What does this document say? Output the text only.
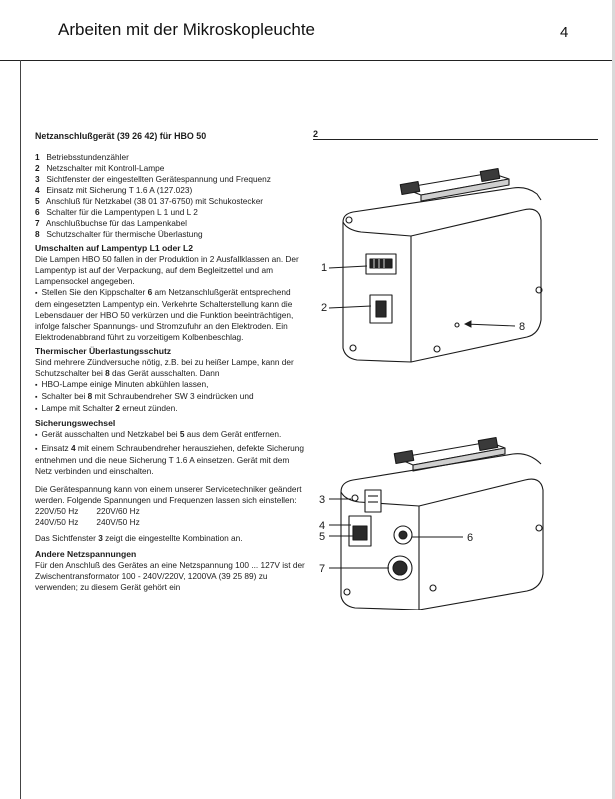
Arbeiten mit der Mikroskopleuchte	4
Netzanschlußgerät (39 26 42) für HBO 50
1 Betriebsstundenzähler
2 Netzschalter mit Kontroll-Lampe
3 Sichtfenster der eingestellten Gerätespannung und Frequenz
4 Einsatz mit Sicherung T 1.6 A (127.023)
5 Anschluß für Netzkabel (38 01 37-6750) mit Schukostecker
6 Schalter für die Lampentypen L 1 und L 2
7 Anschlußbuchse für das Lampenkabel
8 Schutzschalter für thermische Überlastung
Umschalten auf Lampentyp L1 oder L2

Die Lampen HBO 50 fallen in der Produktion in 2 Ausfallklassen an. Der Lampentyp ist auf der Verpackung, auf dem Begleitzettel und am Lampensockel angegeben.

▪ Stellen Sie den Kippschalter 6 am Netzanschlußgerät entsprechend dem eingesetzten Lampentyp ein. Verkehrte Schalterstellung kann die Lebensdauer der HBO 50 verkürzen und die Funktion beeinträchtigen, infolge falscher Spannungs- und Stromzufuhr an den Elektroden. Ein Elektrodenabbrand führt zu vorzeitigem Kolbenbeschlag.

Thermischer Überlastungsschutz

Sind mehrere Zündversuche nötig, z.B. bei zu heißer Lampe, kann der Schutzschalter bei 8 das Gerät ausschalten. Dann

▪ HBO-Lampe einige Minuten abkühlen lassen,

▪ Schalter bei 8 mit Schraubendreher SW 3 eindrücken und

▪ Lampe mit Schalter 2 erneut zünden.

Sicherungswechsel

▪ Gerät ausschalten und Netzkabel bei 5 aus dem Gerät entfernen.

▪ Einsatz 4 mit einem Schraubendreher herausziehen, defekte Sicherung entnehmen und die neue Sicherung T 1.6 A einsetzen. Gerät mit dem Netz verbinden und einschalten.

Die Gerätespannung kann von einem unserer Servicetechniker geändert werden. Folgende Spannungen und Frequenzen lassen sich einstellen:

220V/50 Hz	220V/60 Hz
240V/50 Hz	240V/50 Hz

Das Sichtfenster 3 zeigt die eingestellte Kombination an.

Andere Netzspannungen

Für den Anschluß des Gerätes an eine Netzspannung 100 ... 127V ist der Zwischentransformator 100 - 240V/220V, 1200VA (39 25 89) zu verwenden; zu diesem Gerät gehört ein

2
1
2
8
3
4
5	6
7
